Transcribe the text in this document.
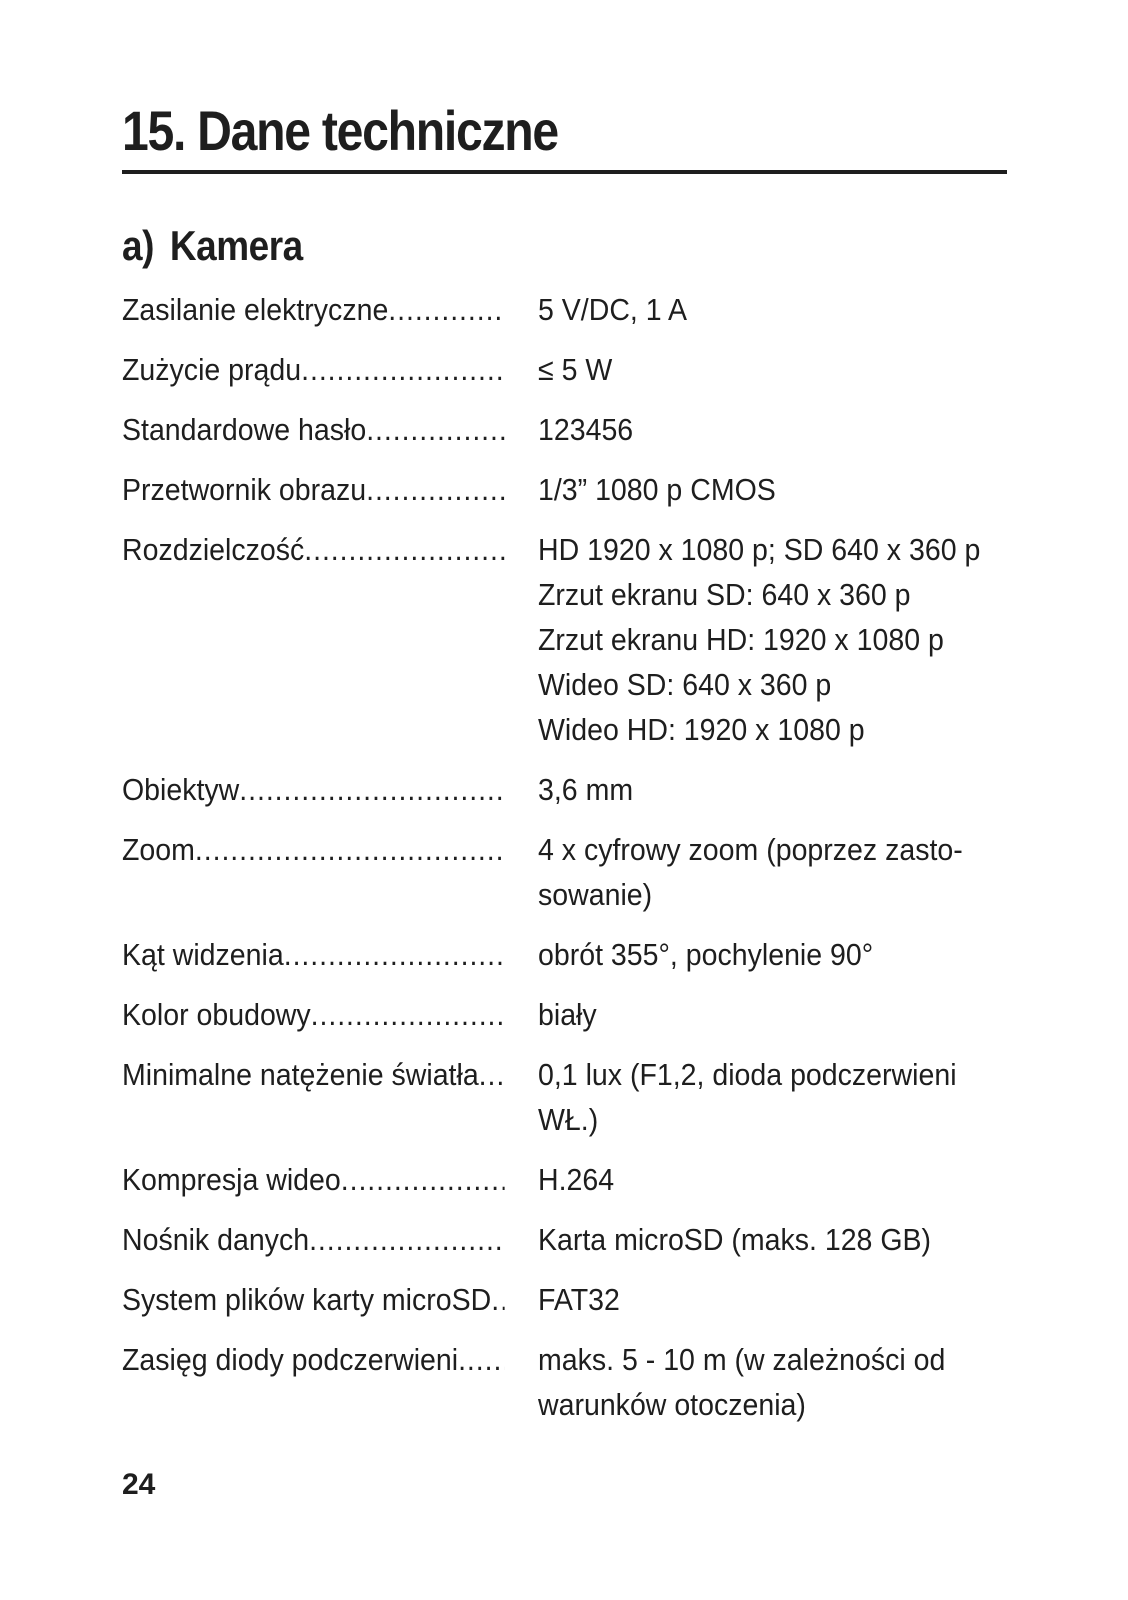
15. Dane techniczne
a) Kamera
Zasilanie elektryczne .....	5 V/DC, 1 A
Zużycie prądu .....	≤ 5 W
Standardowe hasło .....	123456
Przetwornik obrazu .....	1/3” 1080 p CMOS
Rozdzielczość .....	HD 1920 x 1080 p; SD 640 x 360 p
Zrzut ekranu SD: 640 x 360 p
Zrzut ekranu HD: 1920 x 1080 p
Wideo SD: 640 x 360 p
Wideo HD: 1920 x 1080 p
Obiektyw .....	3,6 mm
Zoom .....	4 x cyfrowy zoom (poprzez zasto-
sowanie)
Kąt widzenia .....	obrót 355°, pochylenie 90°
Kolor obudowy .....	biały
Minimalne natężenie światła ..... 0,1 lux (F1,2, dioda podczerwieni
WŁ.)
Kompresja wideo .....	H.264
Nośnik danych .....	Karta microSD (maks. 128 GB)
System plików karty microSD ..... FAT32
Zasięg diody podczerwieni .....	maks. 5 - 10 m (w zależności od
warunków otoczenia)
24
